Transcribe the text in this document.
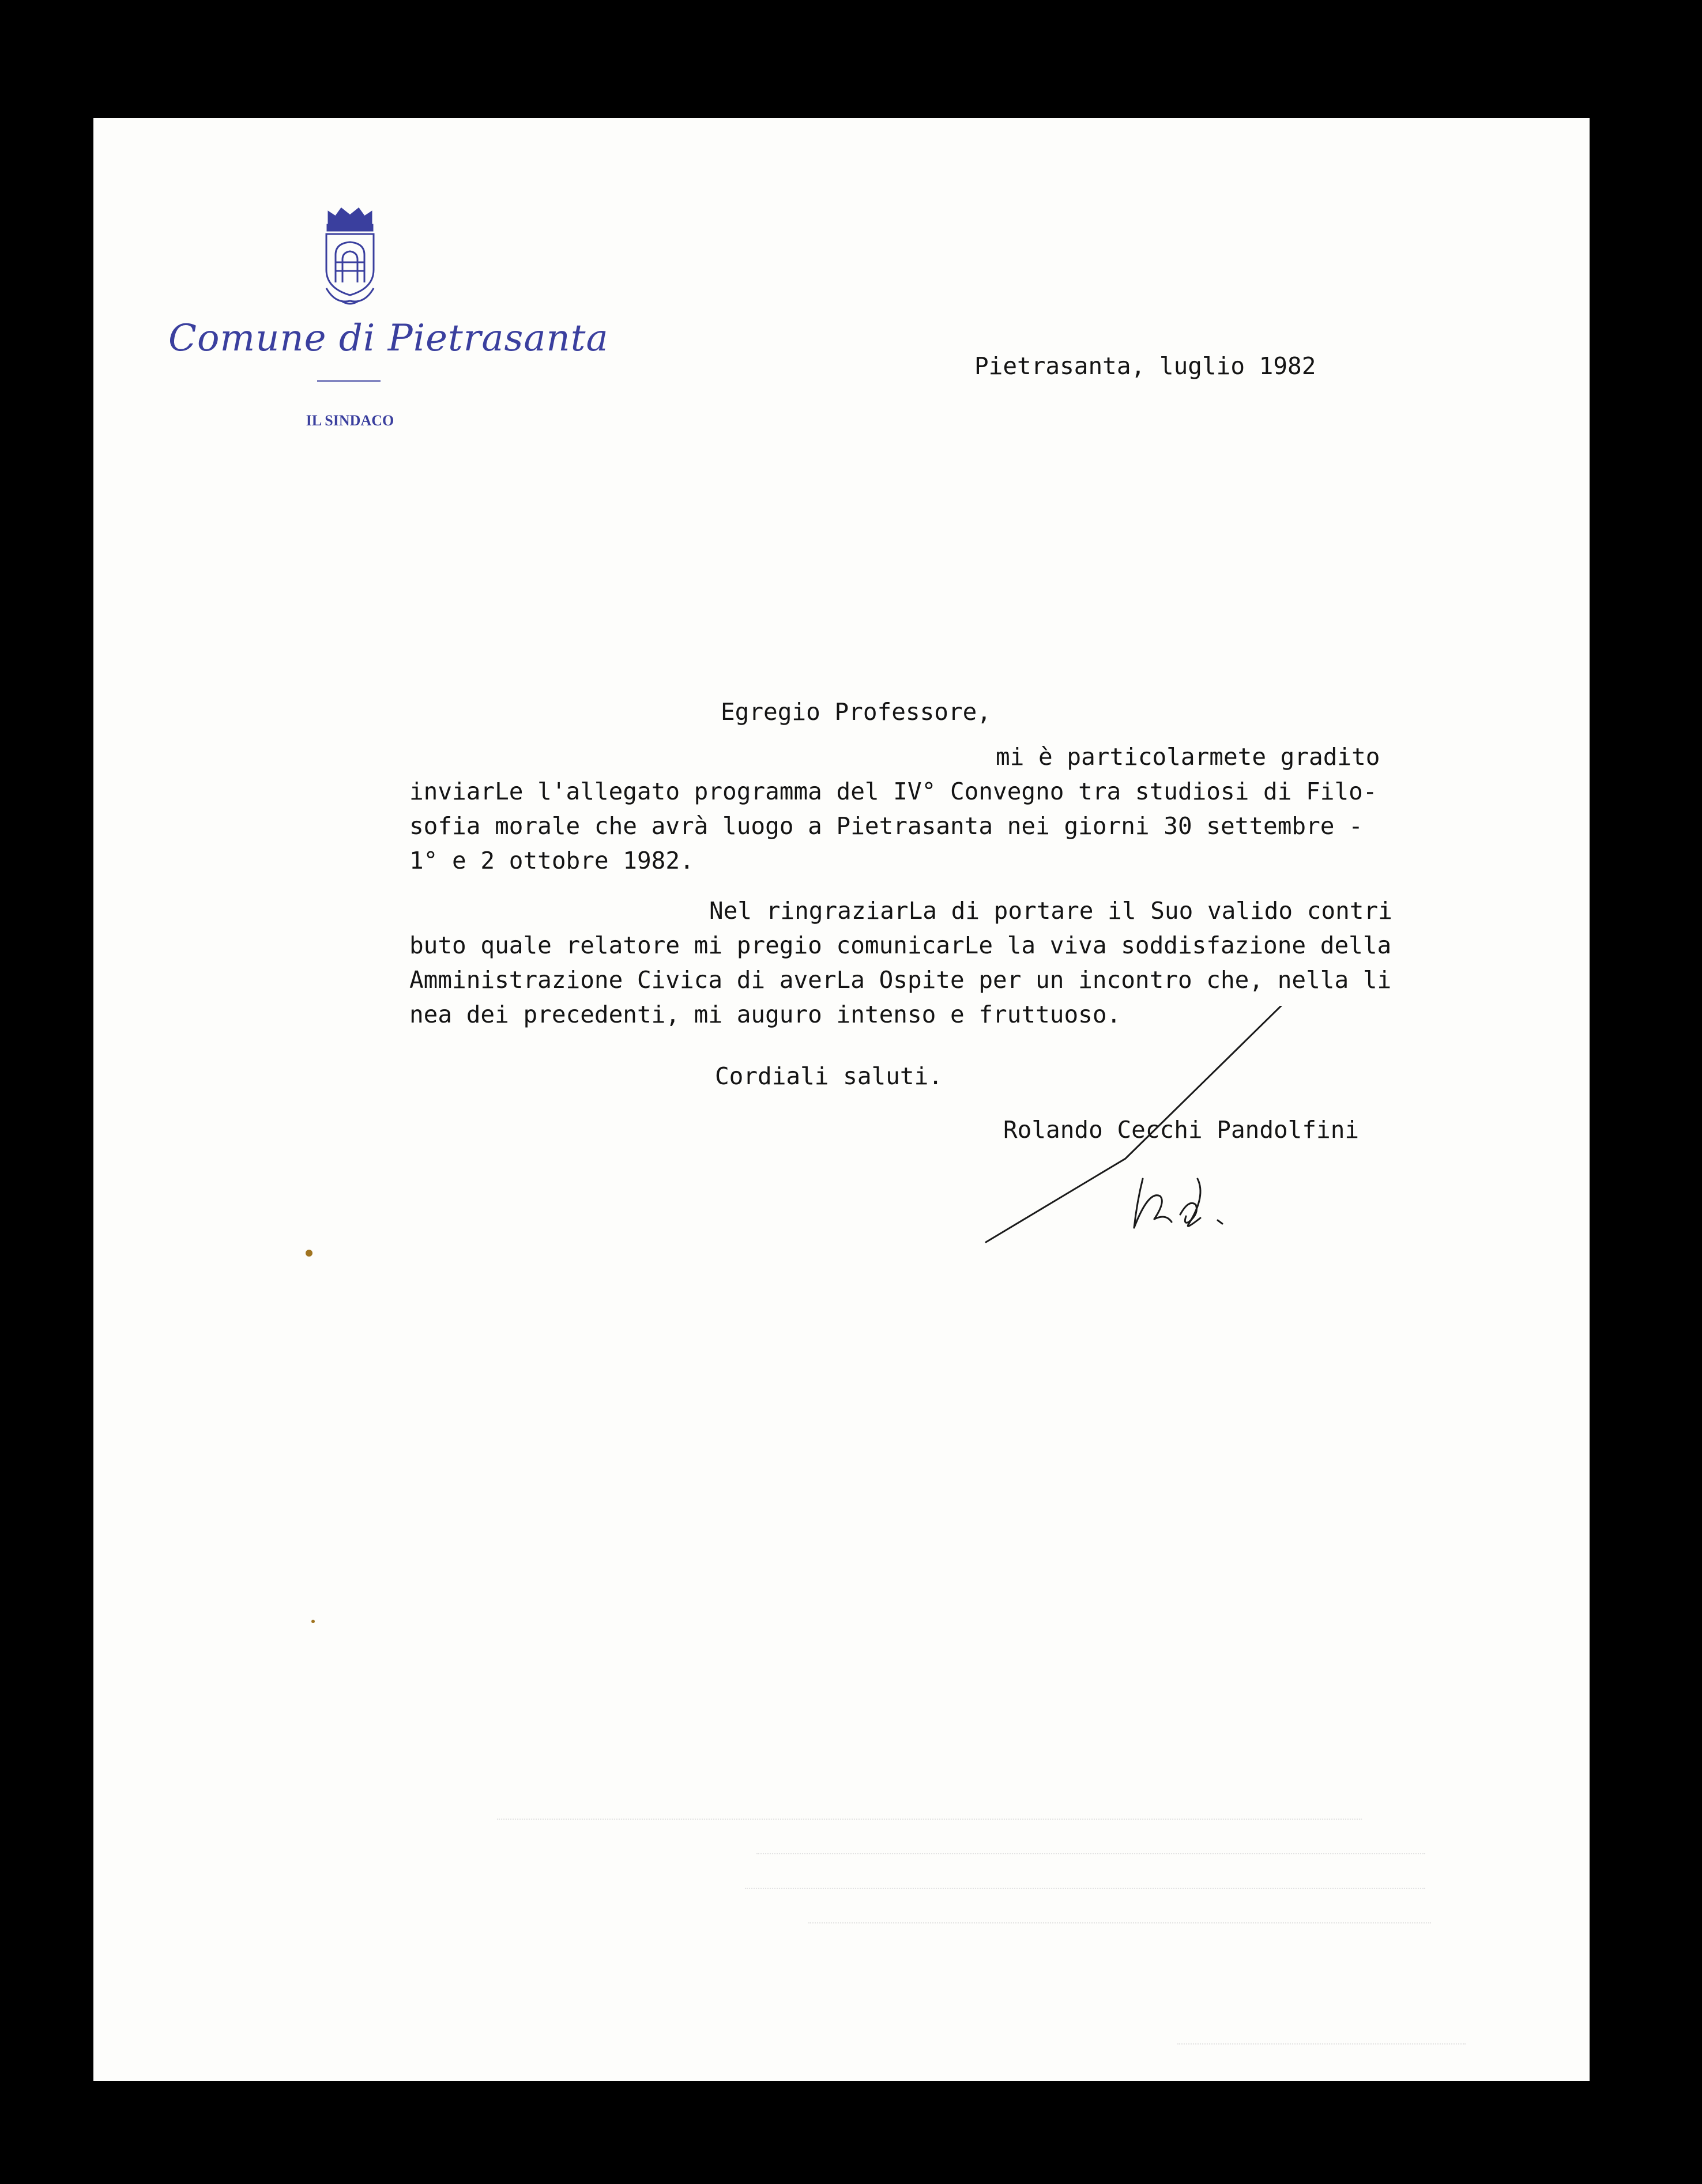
Comune di Pietrasanta
IL SINDACO
Pietrasanta, luglio 1982
Egregio Professore,
mi è particolarmete gradito
inviarLe l'allegato programma del IV° Convegno tra studiosi di Filo-
sofia morale che avrà luogo a Pietrasanta nei giorni 30 settembre -
1° e 2 ottobre 1982.
Nel ringraziarLa di portare il Suo valido contri
buto quale relatore mi pregio comunicarLe la viva soddisfazione della
Amministrazione Civica di averLa Ospite per un incontro che, nella li
nea dei precedenti, mi auguro intenso e fruttuoso.
Cordiali saluti.
Rolando Cecchi Pandolfini
